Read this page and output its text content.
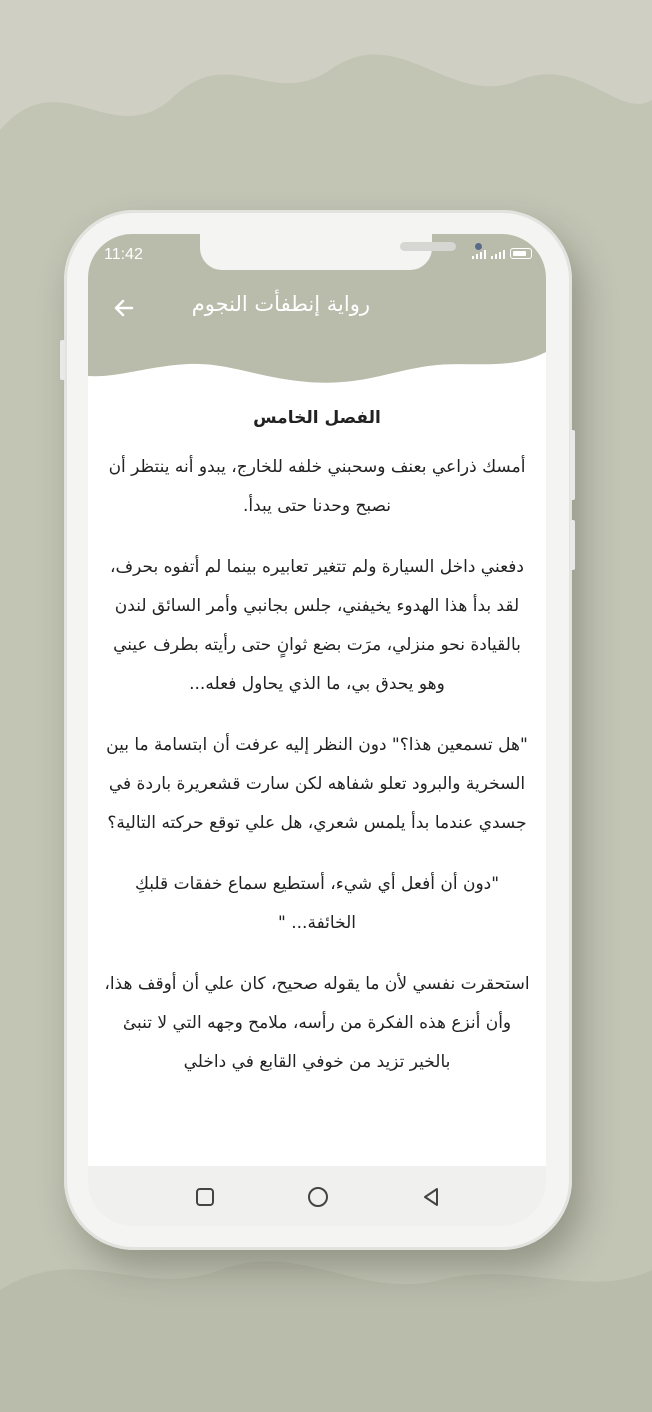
11:42
رواية إنطفأت النجوم
الفصل الخامس

أمسك ذراعي بعنف وسحبني خلفه للخارج، يبدو أنه ينتظر أن نصبح وحدنا حتى يبدأ.

دفعني داخل السيارة ولم تتغير تعابيره بينما لم أتفوه بحرف، لقد بدأ هذا الهدوء يخيفني، جلس بجانبي وأمر السائق لندن بالقيادة نحو منزلي، مرَت بضع ثوانٍ حتى رأيته بطرف عيني وهو يحدق بي، ما الذي يحاول فعله...

"هل تسمعين هذا؟" دون النظر إليه عرفت أن ابتسامة ما بين السخرية والبرود تعلو شفاهه لكن سارت قشعريرة باردة في جسدي عندما بدأ يلمس شعري، هل علي توقع حركته التالية؟

"دون أن أفعل أي شيء، أستطيع سماع خفقات قلبكِ الخائفة... "

استحقرت نفسي لأن ما يقوله صحيح، كان علي أن أوقف هذا، وأن أنزع هذه الفكرة من رأسه، ملامح وجهه التي لا تنبئ بالخير تزيد من خوفي القابع في داخلي
